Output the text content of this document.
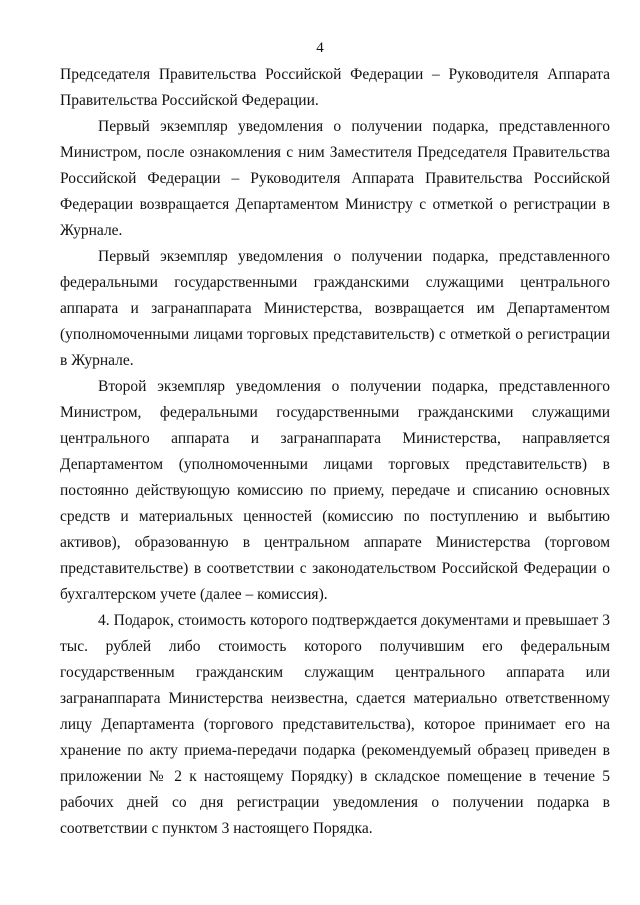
4

Председателя Правительства Российской Федерации – Руководителя Аппарата Правительства Российской Федерации.

Первый экземпляр уведомления о получении подарка, представленного Министром, после ознакомления с ним Заместителя Председателя Правительства Российской Федерации – Руководителя Аппарата Правительства Российской Федерации возвращается Департаментом Министру с отметкой о регистрации в Журнале.

Первый экземпляр уведомления о получении подарка, представленного федеральными государственными гражданскими служащими центрального аппарата и загранаппарата Министерства, возвращается им Департаментом (уполномоченными лицами торговых представительств) с отметкой о регистрации в Журнале.

Второй экземпляр уведомления о получении подарка, представленного Министром, федеральными государственными гражданскими служащими центрального аппарата и загранаппарата Министерства, направляется Департаментом (уполномоченными лицами торговых представительств) в постоянно действующую комиссию по приему, передаче и списанию основных средств и материальных ценностей (комиссию по поступлению и выбытию активов), образованную в центральном аппарате Министерства (торговом представительстве) в соответствии с законодательством Российской Федерации о бухгалтерском учете (далее – комиссия).

4. Подарок, стоимость которого подтверждается документами и превышает 3 тыс. рублей либо стоимость которого получившим его федеральным государственным гражданским служащим центрального аппарата или загранаппарата Министерства неизвестна, сдается материально ответственному лицу Департамента (торгового представительства), которое принимает его на хранение по акту приема-передачи подарка (рекомендуемый образец приведен в приложении № 2 к настоящему Порядку) в складское помещение в течение 5 рабочих дней со дня регистрации уведомления о получении подарка в соответствии с пунктом 3 настоящего Порядка.
